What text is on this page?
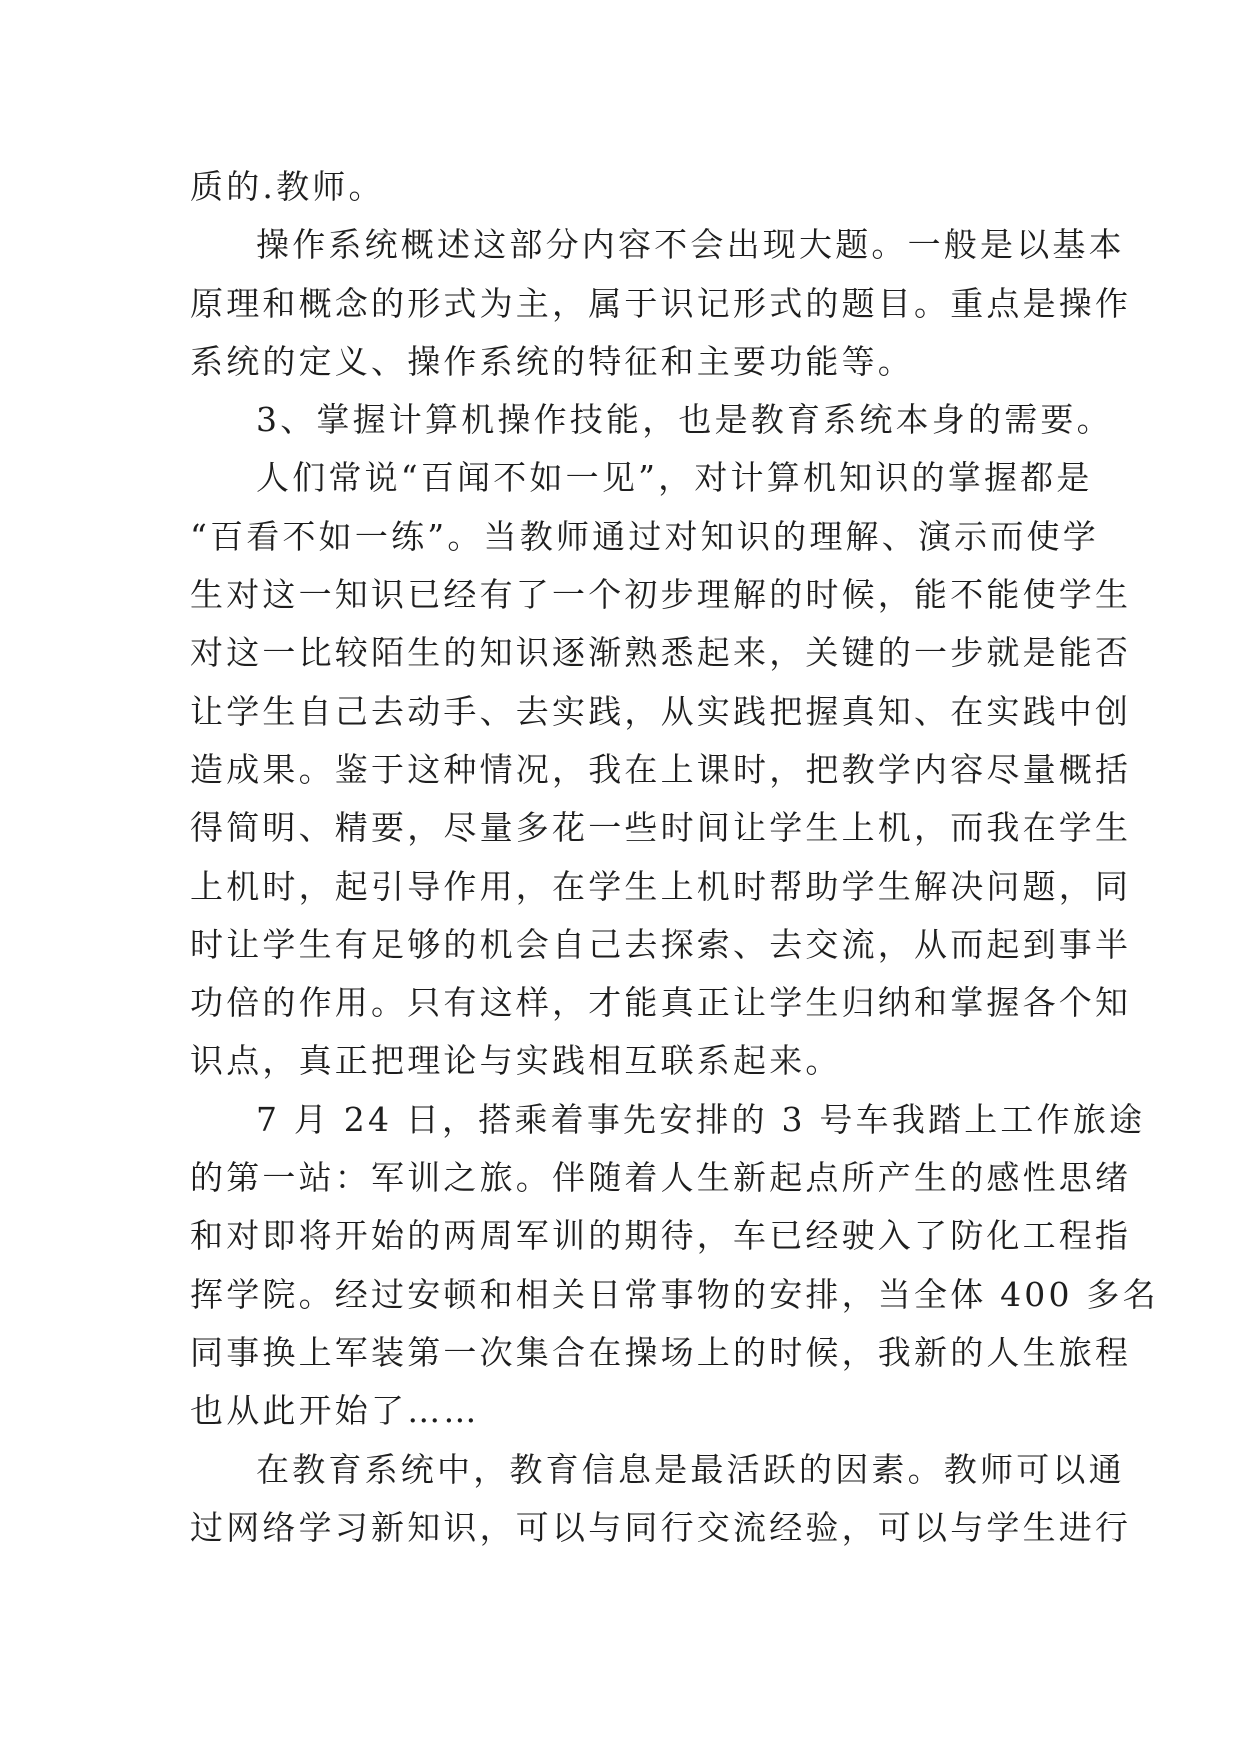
质的.教师。
操作系统概述这部分内容不会出现大题。一般是以基本
原理和概念的形式为主，属于识记形式的题目。重点是操作
系统的定义、操作系统的特征和主要功能等。
3、掌握计算机操作技能，也是教育系统本身的需要。
人们常说“百闻不如一见”，对计算机知识的掌握都是
“百看不如一练”。当教师通过对知识的理解、演示而使学
生对这一知识已经有了一个初步理解的时候，能不能使学生
对这一比较陌生的知识逐渐熟悉起来，关键的一步就是能否
让学生自己去动手、去实践，从实践把握真知、在实践中创
造成果。鉴于这种情况，我在上课时，把教学内容尽量概括
得简明、精要，尽量多花一些时间让学生上机，而我在学生
上机时，起引导作用，在学生上机时帮助学生解决问题，同
时让学生有足够的机会自己去探索、去交流，从而起到事半
功倍的作用。只有这样，才能真正让学生归纳和掌握各个知
识点，真正把理论与实践相互联系起来。
7 月 24 日，搭乘着事先安排的 3 号车我踏上工作旅途
的第一站：军训之旅。伴随着人生新起点所产生的感性思绪
和对即将开始的两周军训的期待，车已经驶入了防化工程指
挥学院。经过安顿和相关日常事物的安排，当全体 400 多名
同事换上军装第一次集合在操场上的时候，我新的人生旅程
也从此开始了……
在教育系统中，教育信息是最活跃的因素。教师可以通
过网络学习新知识，可以与同行交流经验，可以与学生进行
